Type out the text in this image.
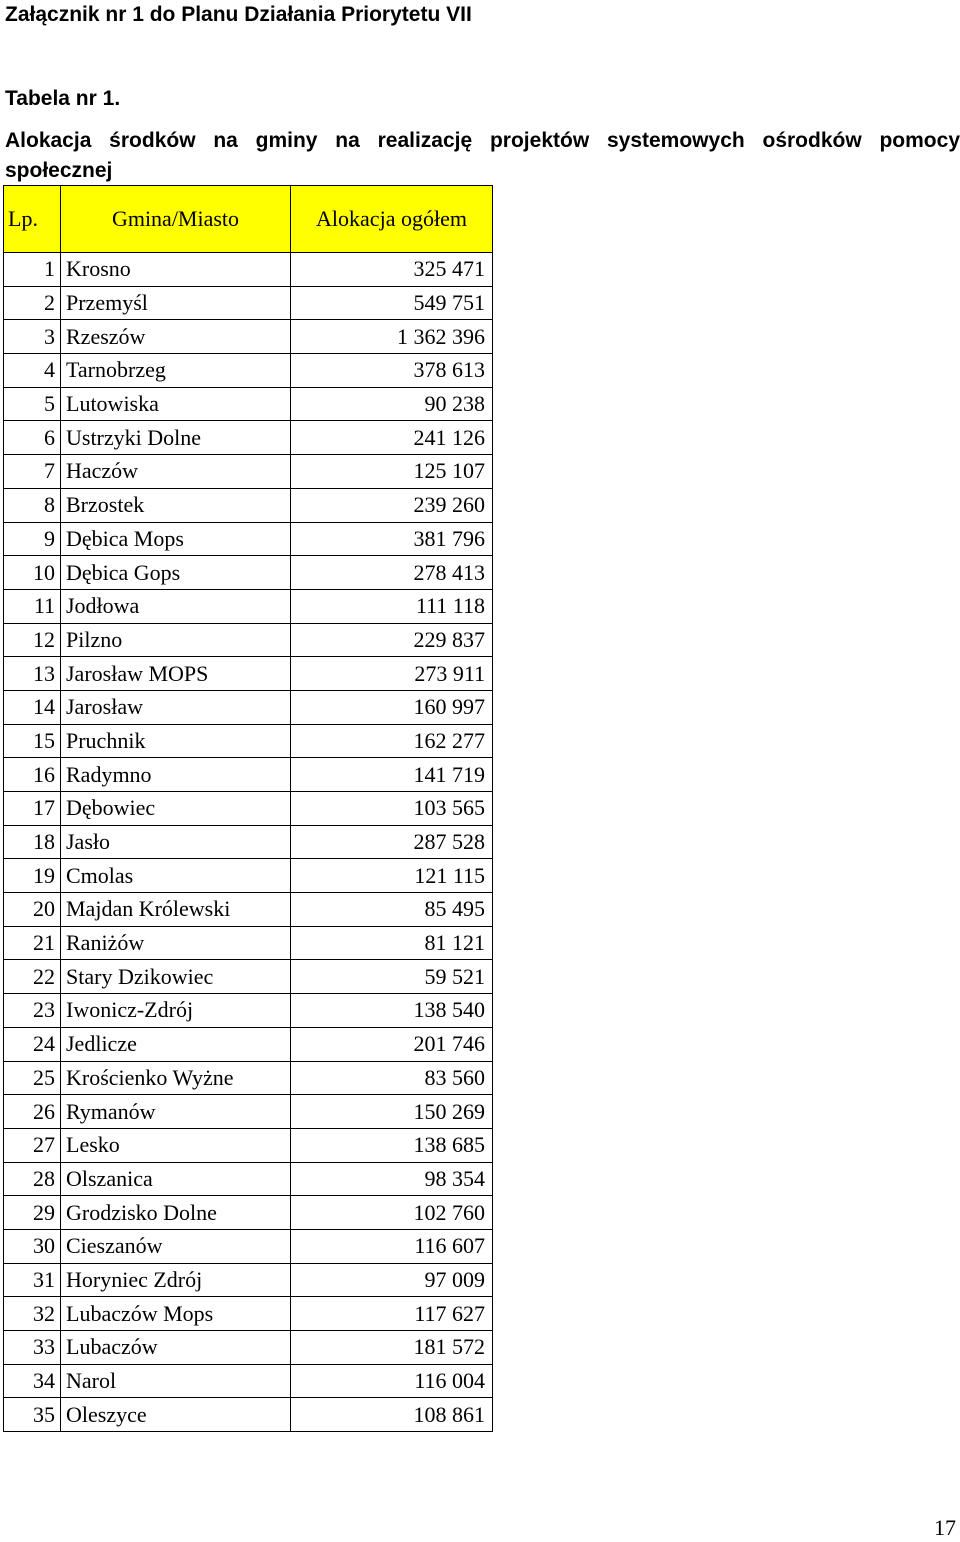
Załącznik nr 1 do Planu Działania Priorytetu VII
Tabela nr 1.
Alokacja środków na gminy na realizację projektów systemowych ośrodków pomocy społecznej
Lp.	Gmina/Miasto	Alokacja ogółem
1	Krosno	325 471
2	Przemyśl	549 751
3	Rzeszów	1 362 396
4	Tarnobrzeg	378 613
5	Lutowiska	90 238
6	Ustrzyki Dolne	241 126
7	Haczów	125 107
8	Brzostek	239 260
9	Dębica Mops	381 796
10	Dębica Gops	278 413
11	Jodłowa	111 118
12	Pilzno	229 837
13	Jarosław MOPS	273 911
14	Jarosław	160 997
15	Pruchnik	162 277
16	Radymno	141 719
17	Dębowiec	103 565
18	Jasło	287 528
19	Cmolas	121 115
20	Majdan Królewski	85 495
21	Raniżów	81 121
22	Stary Dzikowiec	59 521
23	Iwonicz-Zdrój	138 540
24	Jedlicze	201 746
25	Krościenko Wyżne	83 560
26	Rymanów	150 269
27	Lesko	138 685
28	Olszanica	98 354
29	Grodzisko Dolne	102 760
30	Cieszanów	116 607
31	Horyniec Zdrój	97 009
32	Lubaczów Mops	117 627
33	Lubaczów	181 572
34	Narol	116 004
35	Oleszyce	108 861
17
